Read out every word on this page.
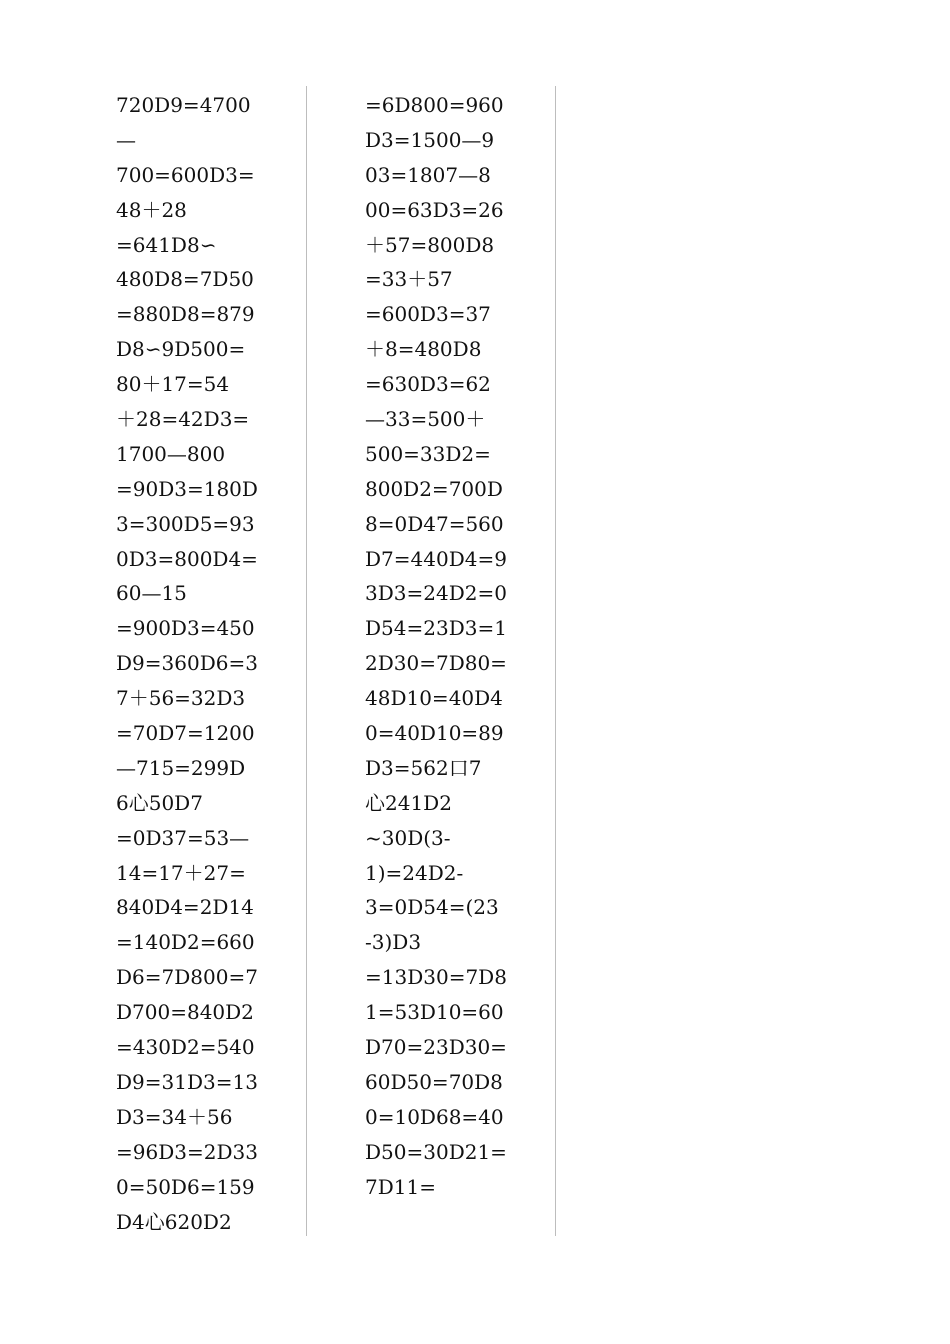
720D9=4700
—
700=600D3=
48＋28
=641D8∽
480D8=7D50
=880D8=879
D8∽9D500=
80＋17=54
＋28=42D3=
1700—800
=90D3=180D
3=300D5=93
0D3=800D4=
60—15
=900D3=450
D9=360D6=3
7＋56=32D3
=70D7=1200
—715=299D
6心50D7
=0D37=53—
14=17＋27=
840D4=2D14
=140D2=660
D6=7D800=7
D700=840D2
=430D2=540
D9=31D3=13
D3=34＋56
=96D3=2D33
0=50D6=159
D4心620D2
=6D800=960
D3=1500—9
03=1807—8
00=63D3=26
＋57=800D8
=33＋57
=600D3=37
＋8=480D8
=630D3=62
—33=500＋
500=33D2=
800D2=700D
8=0D47=560
D7=440D4=9
3D3=24D2=0
D54=23D3=1
2D30=7D80=
48D10=40D4
0=40D10=89
D3=562口7
心241D2
~30D(3-
1)=24D2-
3=0D54=(23
-3)D3
=13D30=7D8
1=53D10=60
D70=23D30=
60D50=70D8
0=10D68=40
D50=30D21=
7D11=
